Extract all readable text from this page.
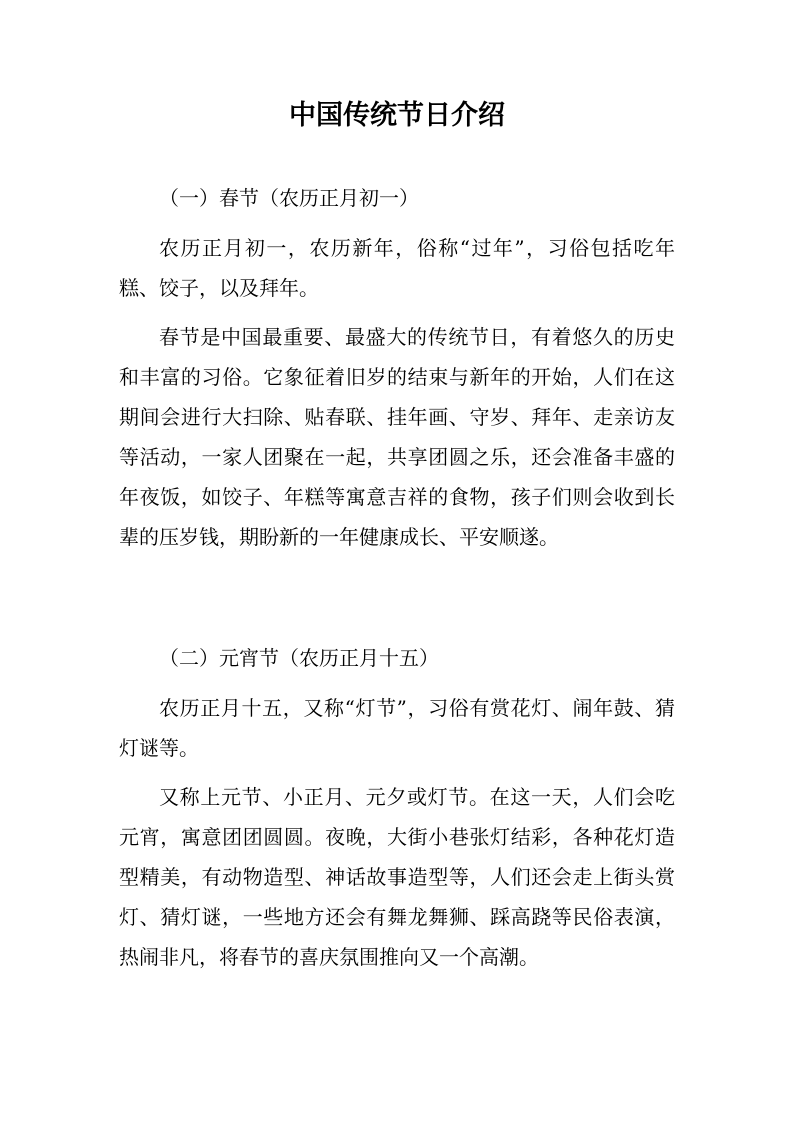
中国传统节日介绍
（一）春节（农历正月初一）

农历正月初一，农历新年，俗称“过年”，习俗包括吃年糕、饺子，以及拜年。

春节是中国最重要、最盛大的传统节日，有着悠久的历史和丰富的习俗。它象征着旧岁的结束与新年的开始，人们在这期间会进行大扫除、贴春联、挂年画、守岁、拜年、走亲访友等活动，一家人团聚在一起，共享团圆之乐，还会准备丰盛的年夜饭，如饺子、年糕等寓意吉祥的食物，孩子们则会收到长辈的压岁钱，期盼新的一年健康成长、平安顺遂。

（二）元宵节（农历正月十五）

农历正月十五，又称“灯节”，习俗有赏花灯、闹年鼓、猜灯谜等。

又称上元节、小正月、元夕或灯节。在这一天，人们会吃元宵，寓意团团圆圆。夜晚，大街小巷张灯结彩，各种花灯造型精美，有动物造型、神话故事造型等，人们还会走上街头赏灯、猜灯谜，一些地方还会有舞龙舞狮、踩高跷等民俗表演，热闹非凡，将春节的喜庆氛围推向又一个高潮。
